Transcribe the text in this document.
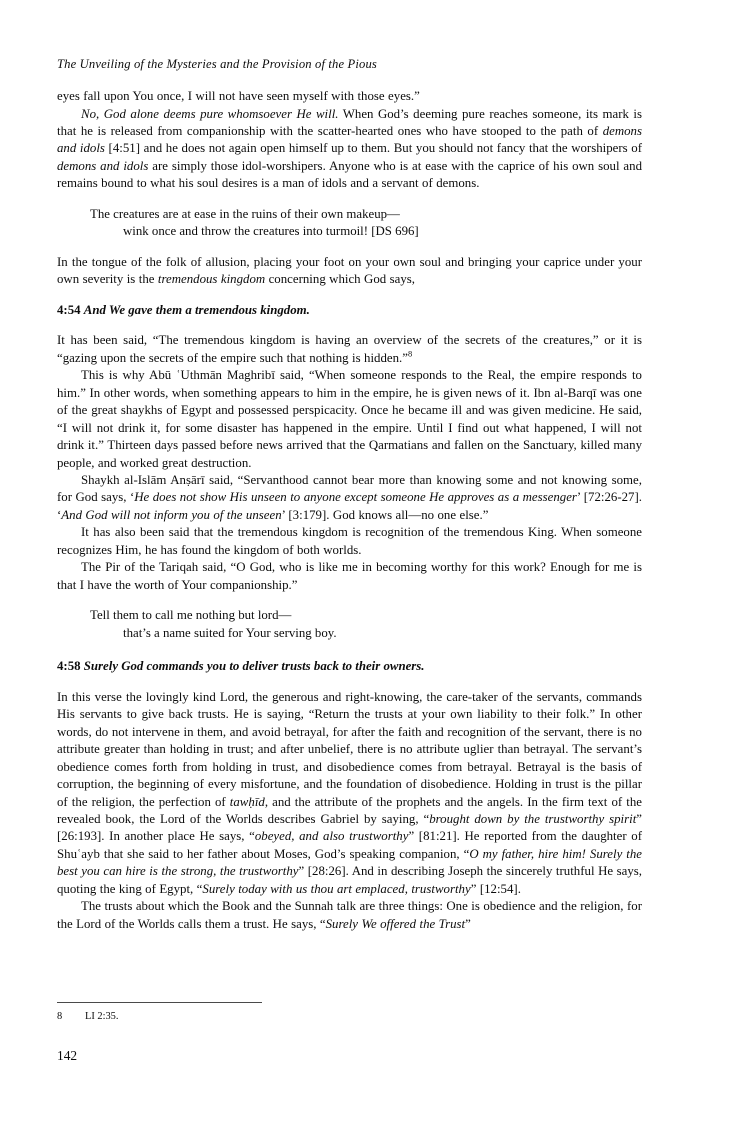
The Unveiling of the Mysteries and the Provision of the Pious

eyes fall upon You once, I will not have seen myself with those eyes.”

No, God alone deems pure whomsoever He will. When God’s deeming pure reaches someone, its mark is that he is released from companionship with the scatter-hearted ones who have stooped to the path of demons and idols [4:51] and he does not again open himself up to them. But you should not fancy that the worshipers of demons and idols are simply those idol-worshipers. Anyone who is at ease with the caprice of his own soul and remains bound to what his soul desires is a man of idols and a servant of demons.

The creatures are at ease in the ruins of their own makeup—
wink once and throw the creatures into turmoil! [DS 696]

In the tongue of the folk of allusion, placing your foot on your own soul and bringing your caprice under your own severity is the tremendous kingdom concerning which God says,

4:54 And We gave them a tremendous kingdom.

It has been said, “The tremendous kingdom is having an overview of the secrets of the creatures,” or it is “gazing upon the secrets of the empire such that nothing is hidden.”$^8$

This is why Abū ʿUthmān Maghribī said, “When someone responds to the Real, the empire responds to him.” In other words, when something appears to him in the empire, he is given news of it. Ibn al-Barqī was one of the great shaykhs of Egypt and possessed perspicacity. Once he became ill and was given medicine. He said, “I will not drink it, for some disaster has happened in the empire. Until I find out what happened, I will not drink it.” Thirteen days passed before news arrived that the Qarmatians and fallen on the Sanctuary, killed many people, and worked great destruction.

Shaykh al-Islām Anṣārī said, “Servanthood cannot bear more than knowing some and not knowing some, for God says, ‘He does not show His unseen to anyone except someone He approves as a messenger’ [72:26-27]. ‘And God will not inform you of the unseen’ [3:179]. God knows all—no one else.”

It has also been said that the tremendous kingdom is recognition of the tremendous King. When someone recognizes Him, he has found the kingdom of both worlds.

The Pir of the Tariqah said, “O God, who is like me in becoming worthy for this work? Enough for me is that I have the worth of Your companionship.”

Tell them to call me nothing but lord—
that’s a name suited for Your serving boy.
4:58 Surely God commands you to deliver trusts back to their owners.

In this verse the lovingly kind Lord, the generous and right-knowing, the care-taker of the servants, commands His servants to give back trusts. He is saying, “Return the trusts at your own liability to their folk.” In other words, do not intervene in them, and avoid betrayal, for after the faith and recognition of the servant, there is no attribute greater than holding in trust; and after unbelief, there is no attribute uglier than betrayal. The servant’s obedience comes forth from holding in trust, and disobedience comes from betrayal. Betrayal is the basis of corruption, the beginning of every misfortune, and the foundation of disobedience. Holding in trust is the pillar of the religion, the perfection of tawḥīd, and the attribute of the prophets and the angels. In the firm text of the revealed book, the Lord of the Worlds describes Gabriel by saying, “brought down by the trustworthy spirit” [26:193]. In another place He says, “obeyed, and also trustworthy” [81:21]. He reported from the daughter of Shuʿayb that she said to her father about Moses, God’s speaking companion, “O my father, hire him! Surely the best you can hire is the strong, the trustworthy” [28:26]. And in describing Joseph the sincerely truthful He says, quoting the king of Egypt, “Surely today with us thou art emplaced, trustworthy” [12:54].

The trusts about which the Book and the Sunnah talk are three things: One is obedience and the religion, for the Lord of the Worlds calls them a trust. He says, “Surely We offered the Trust”

8	LI 2:35.
142
